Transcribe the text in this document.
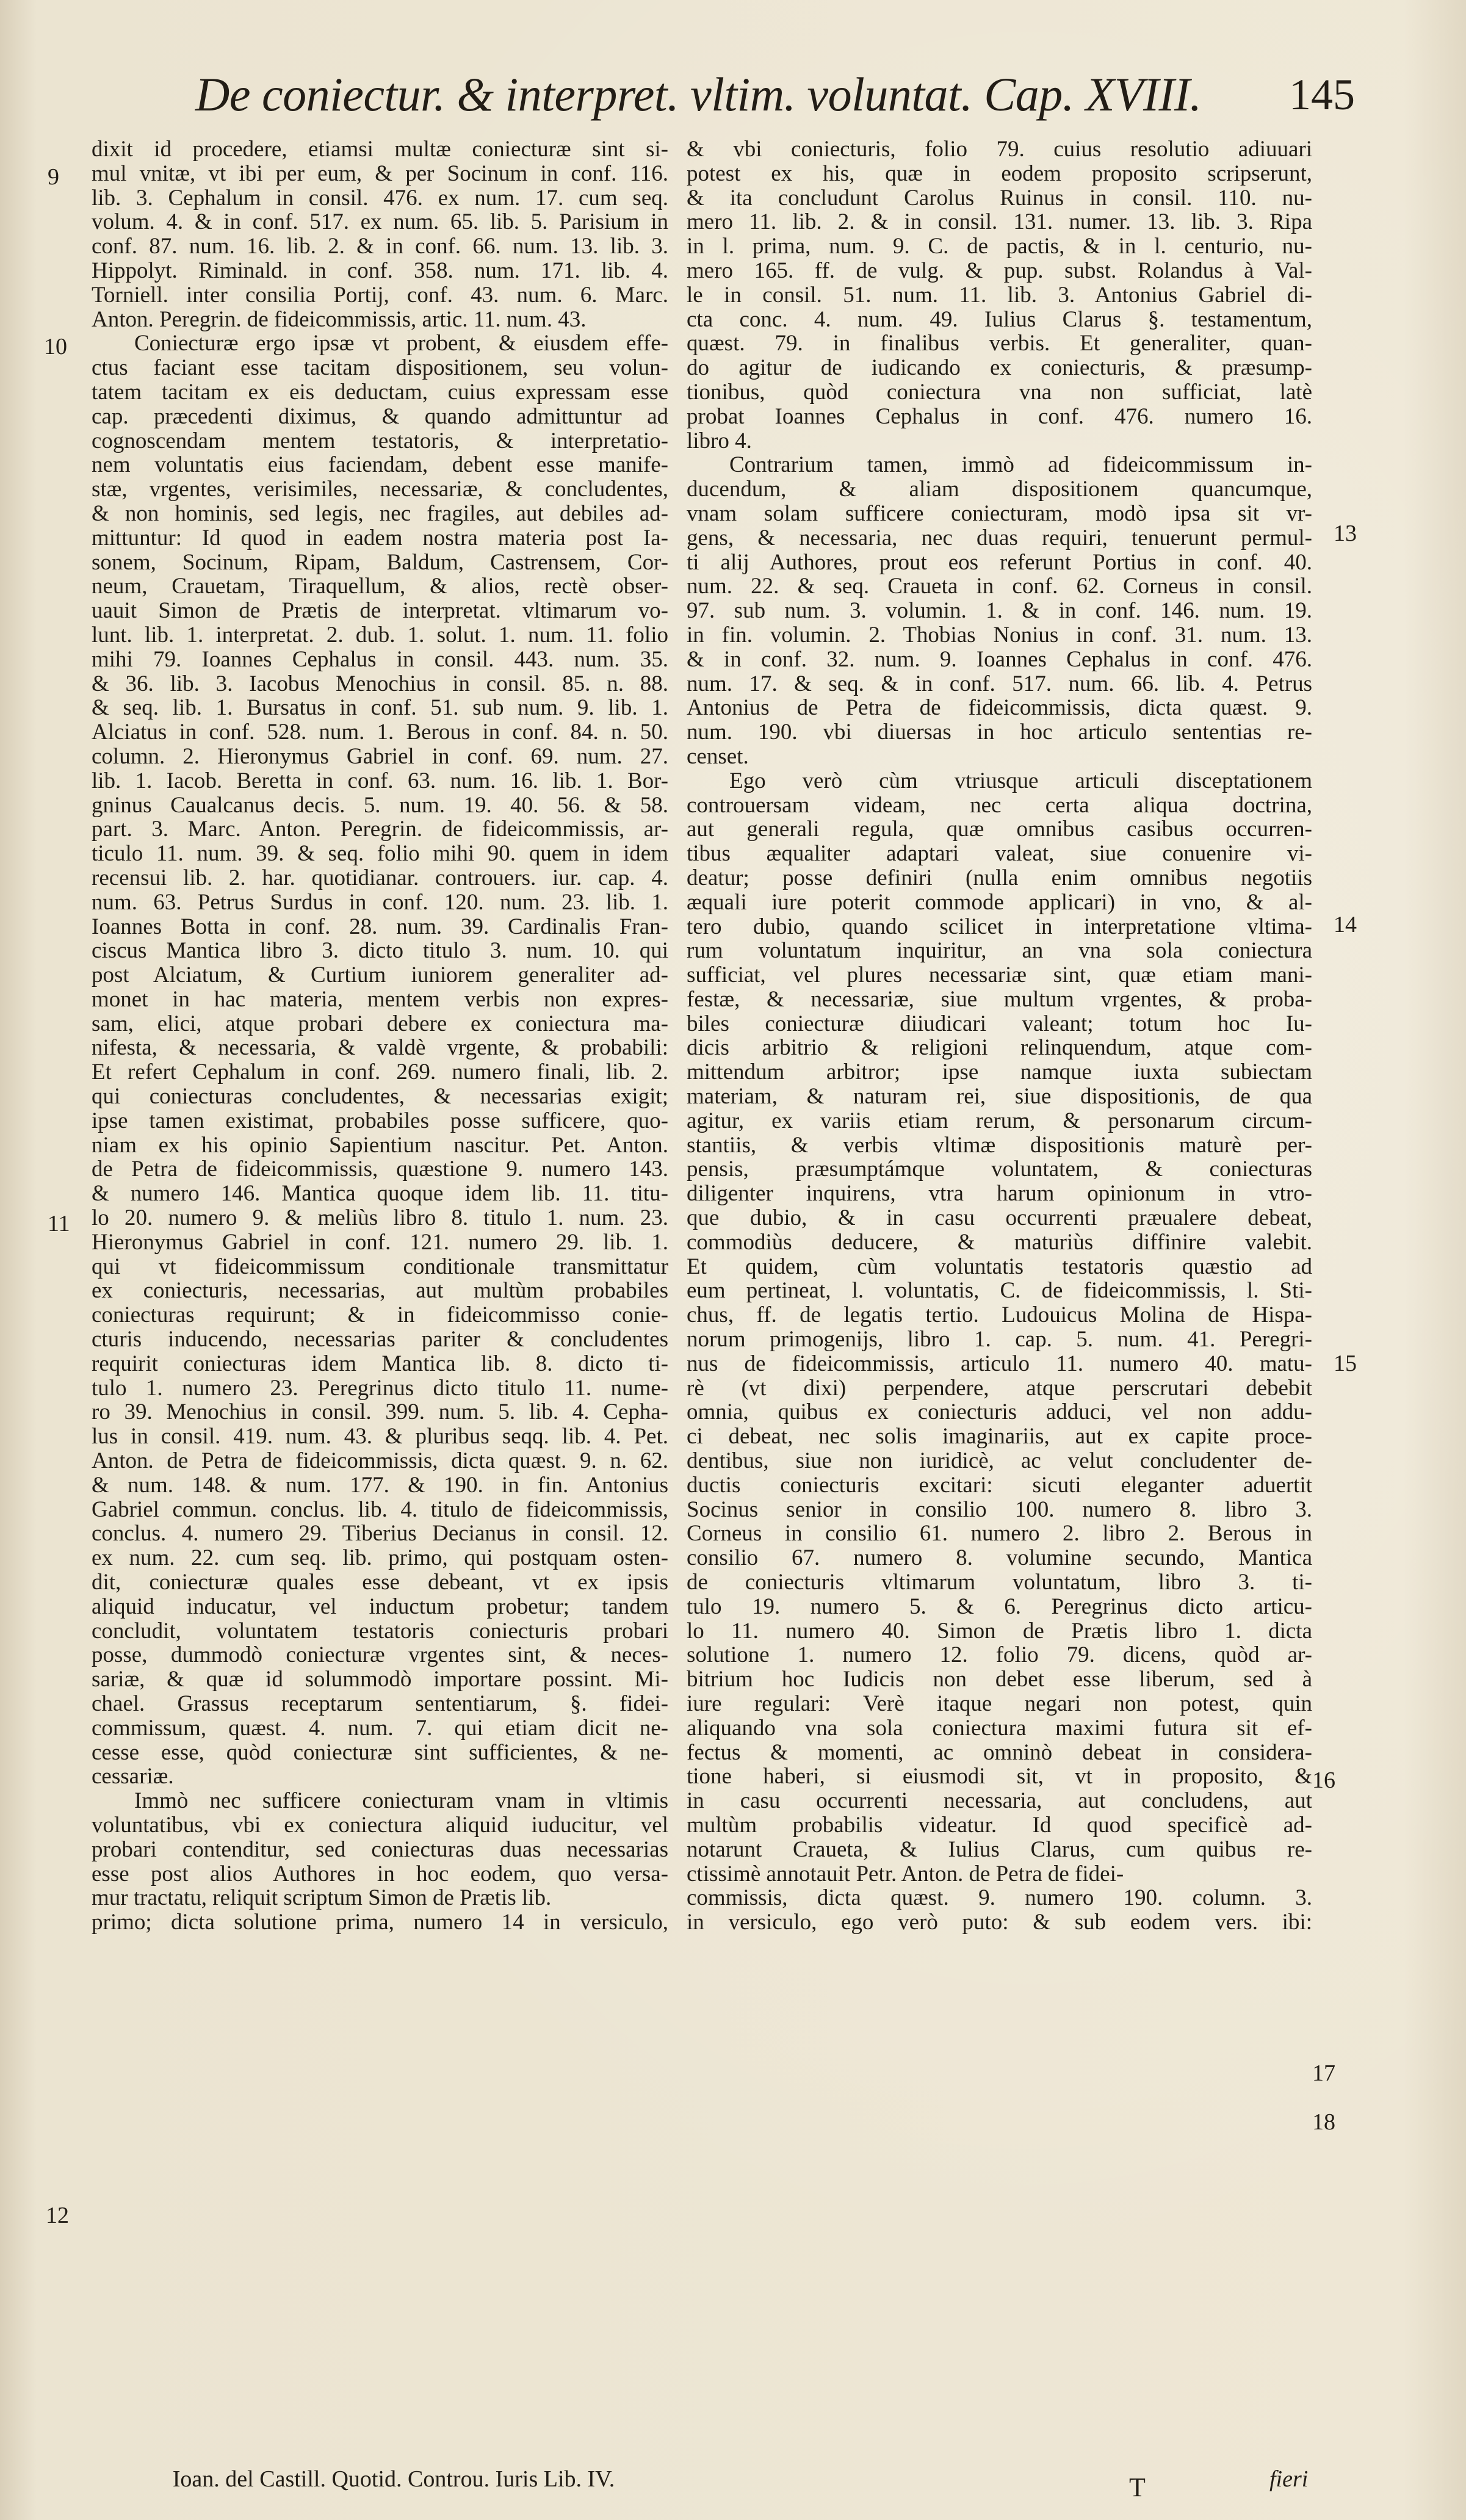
De coniectur. & interpret. vltim. voluntat. Cap. XVIII. 145
9
10
11
12
13
14
15
16
17
18
dixit id procedere, etiamsi multæ coniecturæ sint si-
mul vnitæ, vt ibi per eum, & per Socinum in conf. 116.
lib. 3. Cephalum in consil. 476. ex num. 17. cum seq.
volum. 4. & in conf. 517. ex num. 65. lib. 5. Parisium in
conf. 87. num. 16. lib. 2. & in conf. 66. num. 13. lib. 3.
Hippolyt. Riminald. in conf. 358. num. 171. lib. 4.
Torniell. inter consilia Portij, conf. 43. num. 6. Marc.
Anton. Peregrin. de fideicommissis, artic. 11. num. 43.
Coniecturæ ergo ipsæ vt probent, & eiusdem effe-
ctus faciant esse tacitam dispositionem, seu volun-
tatem tacitam ex eis deductam, cuius expressam esse
cap. præcedenti diximus, & quando admittuntur ad
cognoscendam mentem testatoris, & interpretatio-
nem voluntatis eius faciendam, debent esse manife-
stæ, vrgentes, verisimiles, necessariæ, & concludentes,
& non hominis, sed legis, nec fragiles, aut debiles ad-
mittuntur: Id quod in eadem nostra materia post Ia-
sonem, Socinum, Ripam, Baldum, Castrensem, Cor-
neum, Crauetam, Tiraquellum, & alios, rectè obser-
uauit Simon de Prætis de interpretat. vltimarum vo-
lunt. lib. 1. interpretat. 2. dub. 1. solut. 1. num. 11. folio
mihi 79. Ioannes Cephalus in consil. 443. num. 35.
& 36. lib. 3. Iacobus Menochius in consil. 85. n. 88.
& seq. lib. 1. Bursatus in conf. 51. sub num. 9. lib. 1.
Alciatus in conf. 528. num. 1. Berous in conf. 84. n. 50.
column. 2. Hieronymus Gabriel in conf. 69. num. 27.
lib. 1. Iacob. Beretta in conf. 63. num. 16. lib. 1. Bor-
gninus Caualcanus decis. 5. num. 19. 40. 56. & 58.
part. 3. Marc. Anton. Peregrin. de fideicommissis, ar-
ticulo 11. num. 39. & seq. folio mihi 90. quem in idem
recensui lib. 2. har. quotidianar. controuers. iur. cap. 4.
num. 63. Petrus Surdus in conf. 120. num. 23. lib. 1.
Ioannes Botta in conf. 28. num. 39. Cardinalis Fran-
ciscus Mantica libro 3. dicto titulo 3. num. 10. qui
post Alciatum, & Curtium iuniorem generaliter ad-
monet in hac materia, mentem verbis non expres-
sam, elici, atque probari debere ex coniectura ma-
nifesta, & necessaria, & valdè vrgente, & probabili:
Et refert Cephalum in conf. 269. numero finali, lib. 2.
qui coniecturas concludentes, & necessarias exigit;
ipse tamen existimat, probabiles posse sufficere, quo-
niam ex his opinio Sapientium nascitur. Pet. Anton.
de Petra de fideicommissis, quæstione 9. numero 143.
& numero 146. Mantica quoque idem lib. 11. titu-
lo 20. numero 9. & meliùs libro 8. titulo 1. num. 23.
Hieronymus Gabriel in conf. 121. numero 29. lib. 1.
qui vt fideicommissum conditionale transmittatur
ex coniecturis, necessarias, aut multùm probabiles
coniecturas requirunt; & in fideicommisso conie-
cturis inducendo, necessarias pariter & concludentes
requirit coniecturas idem Mantica lib. 8. dicto ti-
tulo 1. numero 23. Peregrinus dicto titulo 11. nume-
ro 39. Menochius in consil. 399. num. 5. lib. 4. Cepha-
lus in consil. 419. num. 43. & pluribus seqq. lib. 4. Pet.
Anton. de Petra de fideicommissis, dicta quæst. 9. n. 62.
& num. 148. & num. 177. & 190. in fin. Antonius
Gabriel commun. conclus. lib. 4. titulo de fideicommissis,
conclus. 4. numero 29. Tiberius Decianus in consil. 12.
ex num. 22. cum seq. lib. primo, qui postquam osten-
dit, coniecturæ quales esse debeant, vt ex ipsis
aliquid inducatur, vel inductum probetur; tandem
concludit, voluntatem testatoris coniecturis probari
posse, dummodò coniecturæ vrgentes sint, & neces-
sariæ, & quæ id solummodò importare possint. Mi-
chael. Grassus receptarum sententiarum, §. fidei-
commissum, quæst. 4. num. 7. qui etiam dicit ne-
cesse esse, quòd coniecturæ sint sufficientes, & ne-
cessariæ.
Immò nec sufficere coniecturam vnam in vltimis
voluntatibus, vbi ex coniectura aliquid iuducitur, vel
probari contenditur, sed coniecturas duas necessarias
esse post alios Authores in hoc eodem, quo versa-
mur tractatu, reliquit scriptum Simon de Prætis lib.
primo; dicta solutione prima, numero 14 in versiculo,
& vbi coniecturis, folio 79. cuius resolutio adiuuari
potest ex his, quæ in eodem proposito scripserunt,
& ita concludunt Carolus Ruinus in consil. 110. nu-
mero 11. lib. 2. & in consil. 131. numer. 13. lib. 3. Ripa
in l. prima, num. 9. C. de pactis, & in l. centurio, nu-
mero 165. ff. de vulg. & pup. subst. Rolandus à Val-
le in consil. 51. num. 11. lib. 3. Antonius Gabriel di-
cta conc. 4. num. 49. Iulius Clarus §. testamentum,
quæst. 79. in finalibus verbis. Et generaliter, quan-
do agitur de iudicando ex coniecturis, & præsump-
tionibus, quòd coniectura vna non sufficiat, latè
probat Ioannes Cephalus in conf. 476. numero 16.
libro 4.
Contrarium tamen, immò ad fideicommissum in-
ducendum, & aliam dispositionem quancumque,
vnam solam sufficere coniecturam, modò ipsa sit vr-
gens, & necessaria, nec duas requiri, tenuerunt permul-
ti alij Authores, prout eos referunt Portius in conf. 40.
num. 22. & seq. Craueta in conf. 62. Corneus in consil.
97. sub num. 3. volumin. 1. & in conf. 146. num. 19.
in fin. volumin. 2. Thobias Nonius in conf. 31. num. 13.
& in conf. 32. num. 9. Ioannes Cephalus in conf. 476.
num. 17. & seq. & in conf. 517. num. 66. lib. 4. Petrus
Antonius de Petra de fideicommissis, dicta quæst. 9.
num. 190. vbi diuersas in hoc articulo sententias re-
censet.
Ego verò cùm vtriusque articuli disceptationem
controuersam videam, nec certa aliqua doctrina,
aut generali regula, quæ omnibus casibus occurren-
tibus æqualiter adaptari valeat, siue conuenire vi-
deatur; posse definiri (nulla enim omnibus negotiis
æquali iure poterit commode applicari) in vno, & al-
tero dubio, quando scilicet in interpretatione vltima-
rum voluntatum inquiritur, an vna sola coniectura
sufficiat, vel plures necessariæ sint, quæ etiam mani-
festæ, & necessariæ, siue multum vrgentes, & proba-
biles coniecturæ diiudicari valeant; totum hoc Iu-
dicis arbitrio & religioni relinquendum, atque com-
mittendum arbitror; ipse namque iuxta subiectam
materiam, & naturam rei, siue dispositionis, de qua
agitur, ex variis etiam rerum, & personarum circum-
stantiis, & verbis vltimæ dispositionis maturè per-
pensis, præsumptámque voluntatem, & coniecturas
diligenter inquirens, vtra harum opinionum in vtro-
que dubio, & in casu occurrenti præualere debeat,
commodiùs deducere, & maturiùs diffinire valebit.
Et quidem, cùm voluntatis testatoris quæstio ad
eum pertineat, l. voluntatis, C. de fideicommissis, l. Sti-
chus, ff. de legatis tertio. Ludouicus Molina de Hispa-
norum primogenijs, libro 1. cap. 5. num. 41. Peregri-
nus de fideicommissis, articulo 11. numero 40. matu-
rè (vt dixi) perpendere, atque perscrutari debebit
omnia, quibus ex coniecturis adduci, vel non addu-
ci debeat, nec solis imaginariis, aut ex capite proce-
dentibus, siue non iuridicè, ac velut concludenter de-
ductis coniecturis excitari: sicuti eleganter aduertit
Socinus senior in consilio 100. numero 8. libro 3.
Corneus in consilio 61. numero 2. libro 2. Berous in
consilio 67. numero 8. volumine secundo, Mantica
de coniecturis vltimarum voluntatum, libro 3. ti-
tulo 19. numero 5. & 6. Peregrinus dicto articu-
lo 11. numero 40. Simon de Prætis libro 1. dicta
solutione 1. numero 12. folio 79. dicens, quòd ar-
bitrium hoc Iudicis non debet esse liberum, sed à
iure regulari: Verè itaque negari non potest, quin
aliquando vna sola coniectura maximi futura sit ef-
fectus & momenti, ac omninò debeat in considera-
tione haberi, si eiusmodi sit, vt in proposito, &
in casu occurrenti necessaria, aut concludens, aut
multùm probabilis videatur. Id quod specificè ad-
notarunt Craueta, & Iulius Clarus, cum quibus re-
ctissimè annotauit Petr. Anton. de Petra de fidei-
commissis, dicta quæst. 9. numero 190. column. 3.
in versiculo, ego verò puto: & sub eodem vers. ibi:
Ioan. del Castill. Quotid. Controu. Iuris Lib. IV.	T	fieri
